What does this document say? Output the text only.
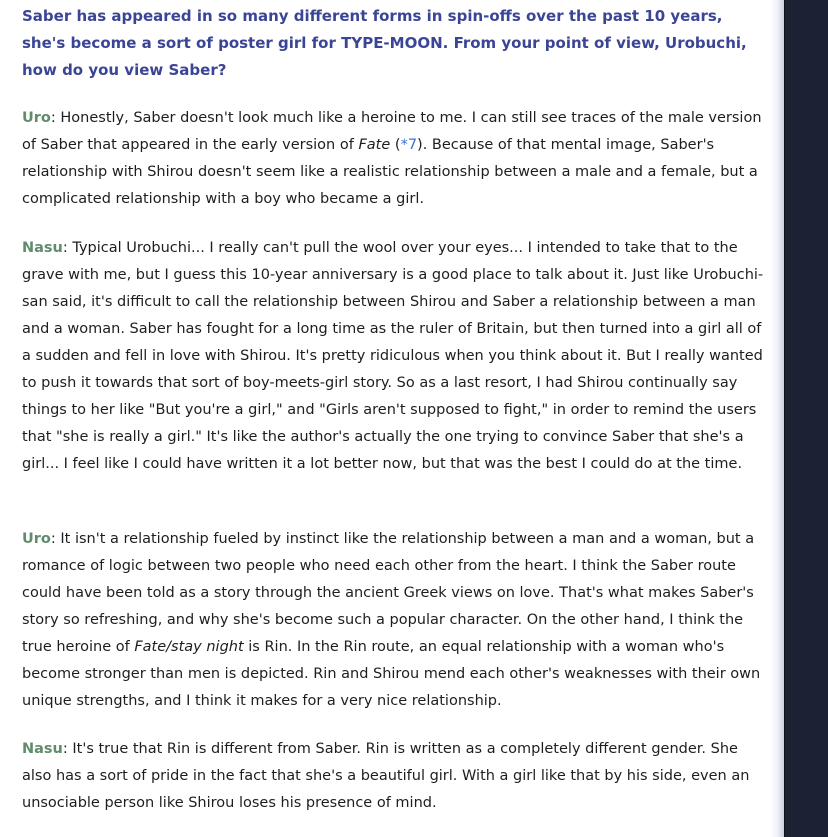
Saber has appeared in so many different forms in spin-offs over the past 10 years, she's become a sort of poster girl for TYPE-MOON. From your point of view, Urobuchi, how do you view Saber?

Uro: Honestly, Saber doesn't look much like a heroine to me. I can still see traces of the male version of Saber that appeared in the early version of Fate (*7). Because of that mental image, Saber's relationship with Shirou doesn't seem like a realistic relationship between a male and a female, but a complicated relationship with a boy who became a girl.

Nasu: Typical Urobuchi... I really can't pull the wool over your eyes... I intended to take that to the grave with me, but I guess this 10-year anniversary is a good place to talk about it. Just like Urobuchi-san said, it's difficult to call the relationship between Shirou and Saber a relationship between a man and a woman. Saber has fought for a long time as the ruler of Britain, but then turned into a girl all of a sudden and fell in love with Shirou. It's pretty ridiculous when you think about it. But I really wanted to push it towards that sort of boy-meets-girl story. So as a last resort, I had Shirou continually say things to her like "But you're a girl," and "Girls aren't supposed to fight," in order to remind the users that "she is really a girl." It's like the author's actually the one trying to convince Saber that she's a girl... I feel like I could have written it a lot better now, but that was the best I could do at the time.

Uro: It isn't a relationship fueled by instinct like the relationship between a man and a woman, but a romance of logic between two people who need each other from the heart. I think the Saber route could have been told as a story through the ancient Greek views on love. That's what makes Saber's story so refreshing, and why she's become such a popular character. On the other hand, I think the true heroine of Fate/stay night is Rin. In the Rin route, an equal relationship with a woman who's become stronger than men is depicted. Rin and Shirou mend each other's weaknesses with their own unique strengths, and I think it makes for a very nice relationship.

Nasu: It's true that Rin is different from Saber. Rin is written as a completely different gender. She also has a sort of pride in the fact that she's a beautiful girl. With a girl like that by his side, even an unsociable person like Shirou loses his presence of mind.
